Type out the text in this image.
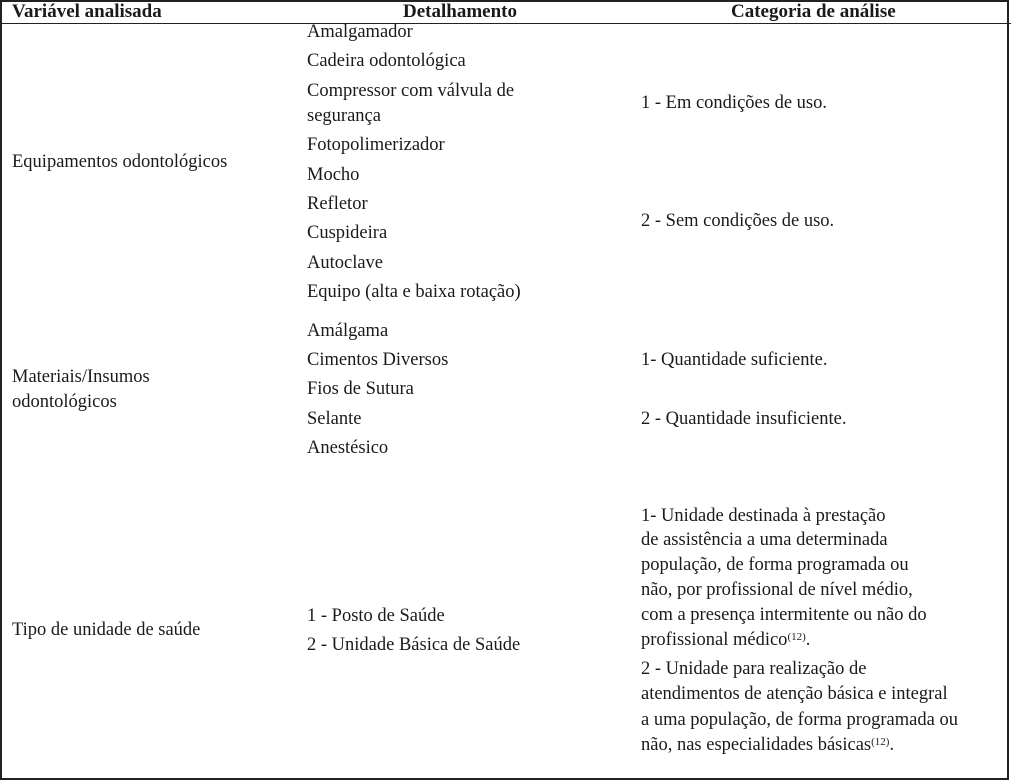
Variável analisada	Detalhamento	Categoria de análise
Equipamentos odontológicos
Amalgamador
Cadeira odontológica
Compressor com válvula de
segurança
Fotopolimerizador
Mocho
Refletor
Cuspideira
Autoclave
Equipo (alta e baixa rotação)
1 - Em condições de uso.
2 - Sem condições de uso.
Materiais/Insumos
odontológicos
Amálgama
Cimentos Diversos
Fios de Sutura
Selante
Anestésico
1- Quantidade suficiente.
2 - Quantidade insuficiente.
Tipo de unidade de saúde
1 - Posto de Saúde
2 - Unidade Básica de Saúde
1- Unidade destinada à prestação
de assistência a uma determinada
população, de forma programada ou
não, por profissional de nível médio,
com a presença intermitente ou não do
profissional médico$^{(12)}$.
2 - Unidade para realização de
atendimentos de atenção básica e integral
a uma população, de forma programada ou
não, nas especialidades básicas$^{(12)}$.
